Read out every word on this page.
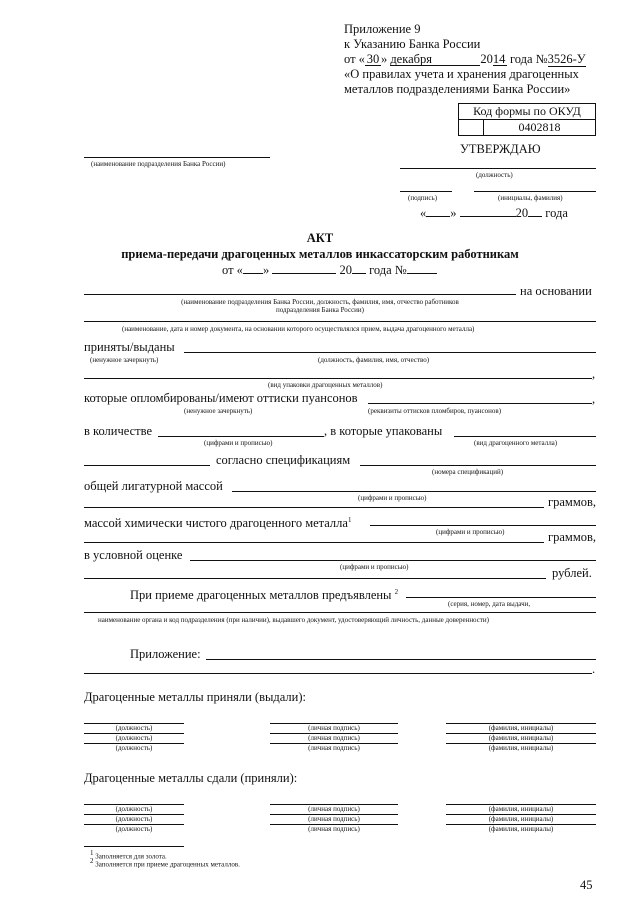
Приложение 9
к Указанию Банка России
от « 30 » декабря	2014 года №3526-У
«О правилах учета и хранения драгоценных
металлов подразделениями Банка России»
Код формы по ОКУД
0402818
УТВЕРЖДАЮ
(наименование подразделения Банка России)
(должность)
(подпись)	(инициалы, фамилия)
« »	20 года
АКТ
приема-передачи драгоценных металлов инкассаторским работникам
от « »	20 года №
на основании
(наименование подразделения Банка России, должность, фамилия, имя, отчество работников
подразделения Банка России)
(наименование, дата и номер документа, на основании которого осуществлялся прием, выдача драгоценного металла)
приняты/выданы
(ненужное зачеркнуть)	(должность, фамилия, имя, отчество)
,
(вид упаковки драгоценных металлов)
которые опломбированы/имеют оттиски пуансонов	,
(ненужное зачеркнуть)	(реквизиты оттисков пломбиров, пуансонов)
в количестве	, в которые упакованы
(цифрами и прописью)	(вид драгоценного металла)
согласно спецификациям
(номера спецификаций)
общей лигатурной массой
(цифрами и прописью)	граммов,
массой химически чистого драгоценного металла$^1$
(цифрами и прописью)	граммов,
в условной оценке
(цифрами и прописью)	рублей.
При приеме драгоценных металлов предъявлены $^2$
(серия, номер, дата выдачи,
наименование органа и код подразделения (при наличии), выдавшего документ, удостоверяющий личность, данные доверенности)
Приложение:
.
Драгоценные металлы приняли (выдали):
(должность)	(личная подпись)	(фамилия, инициалы)
(должность)	(личная подпись)	(фамилия, инициалы)
(должность)	(личная подпись)	(фамилия, инициалы)
Драгоценные металлы сдали (приняли):
(должность)	(личная подпись)	(фамилия, инициалы)
(должность)	(личная подпись)	(фамилия, инициалы)
(должность)	(личная подпись)	(фамилия, инициалы)
$^1$ Заполняется для золота.
$^2$ Заполняется при приеме драгоценных металлов.
45
